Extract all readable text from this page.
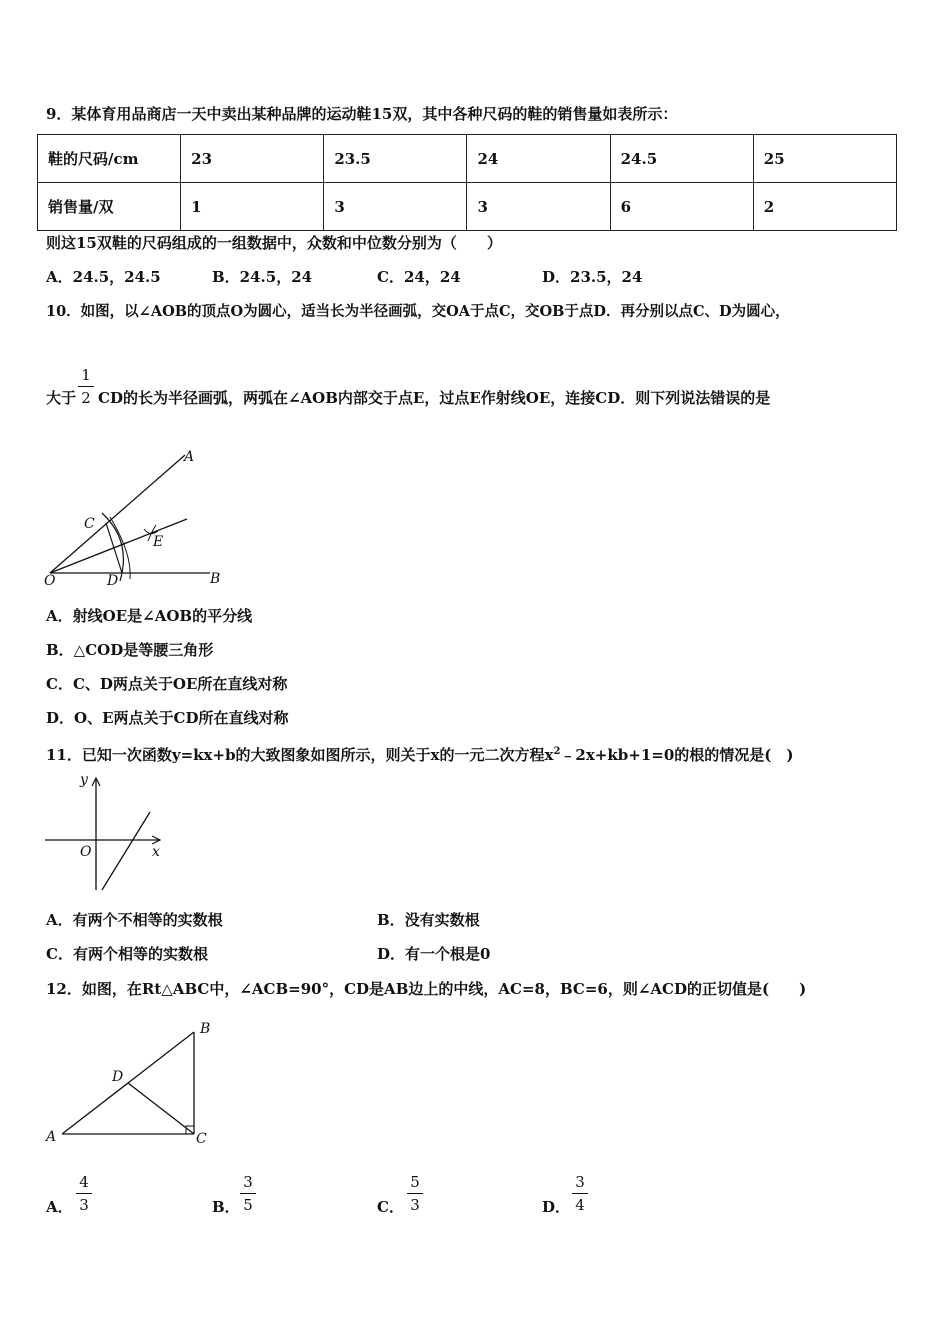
9．某体育用品商店一天中卖出某种品牌的运动鞋15双，其中各种尺码的鞋的销售量如表所示：
鞋的尺码/cm	23	23.5	24	24.5	25
销售量/双	1	3	3	6	2
则这15双鞋的尺码组成的一组数据中，众数和中位数分别为（　　）
A．24.5，24.5	B．24.5，24	C．24，24	D．23.5，24
10．如图，以∠AOB的顶点O为圆心，适当长为半径画弧，交OA于点C，交OB于点D．再分别以点C、D为圆心，
大于
1
2 CD的长为半径画弧，两弧在∠AOB内部交于点E，过点E作射线OE，连接CD．则下列说法错误的是
A
B
C
D
E
O
A．射线OE是∠AOB的平分线
B．△COD是等腰三角形
C．C、D两点关于OE所在直线对称
D．O、E两点关于CD所在直线对称
11．已知一次函数y=kx+b的大致图象如图所示，则关于x的一元二次方程$x^2﹣2x+kb+1=0$的根的情况是(　)
y
x
O
A．有两个不相等的实数根	B．没有实数根
C．有两个相等的实数根	D．有一个根是0
12．如图，在Rt△ABC中，∠ACB=90°，CD是AB边上的中线，AC=8，BC=6，则∠ACD的正切值是(　　)
A
B
C
D
A．
4
3	B．
3
5	C．
5
3	D．
3
4
